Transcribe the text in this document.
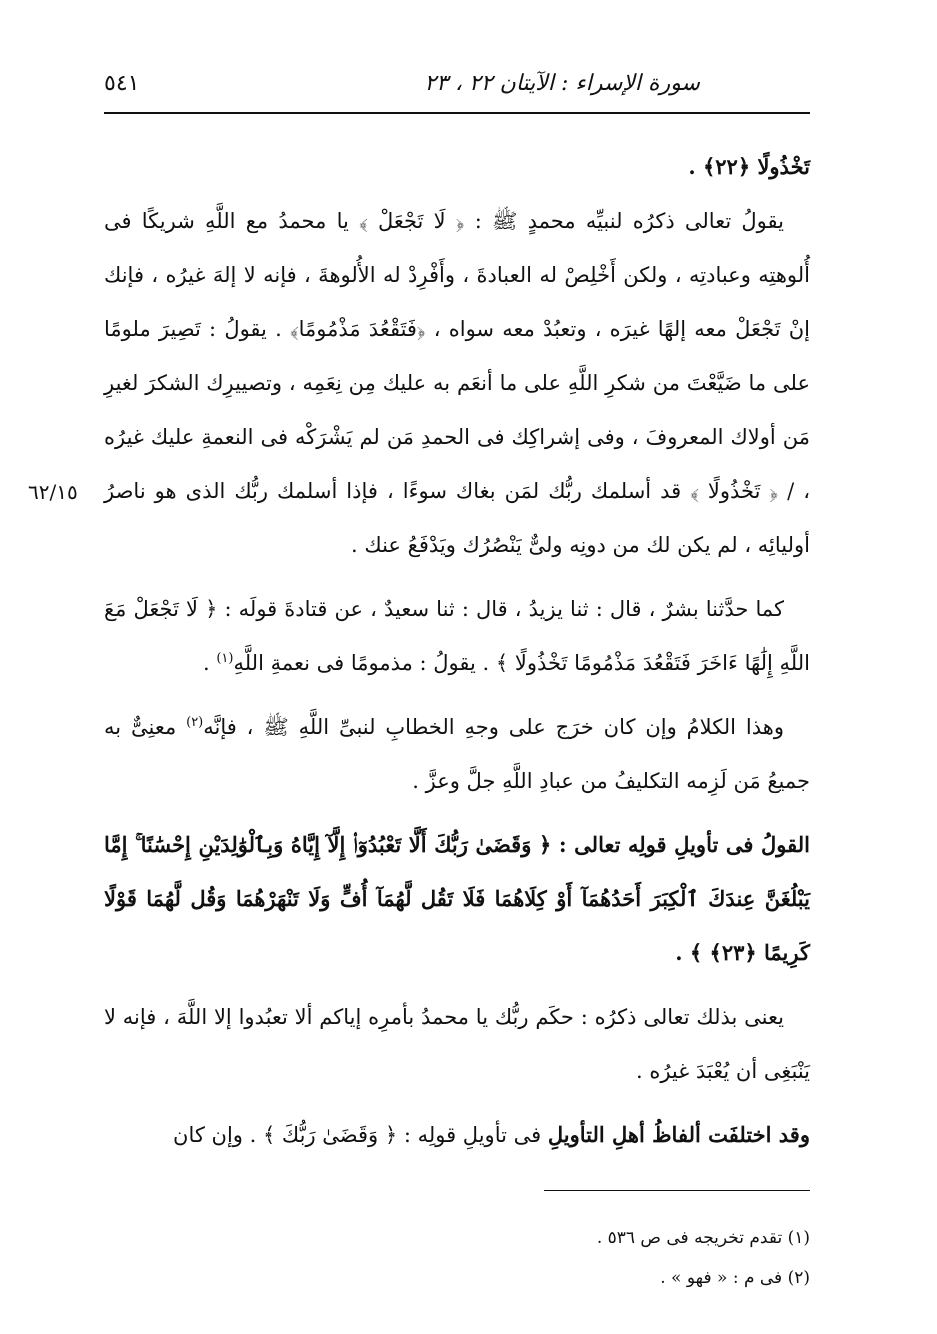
سورة الإسراء : الآيتان ٢٢ ، ٢٣
٥٤١
٦٢/١٥

تَخْذُولًا ﴿٢٢﴾ .

يقولُ تعالى ذكرُه لنبيِّه محمدٍ ﷺ : ﴿ لَا تَجْعَلْ ﴾ يا محمدُ مع اللَّهِ شريكًا فى أُلوهتِه وعبادتِه ، ولكن أَخْلِصْ له العبادةَ ، وأَفْرِدْ له الأُلوهةَ ، فإنه لا إلهَ غيرُه ، فإنك إنْ تَجْعَلْ معه إلهًا غيرَه ، وتعبُدْ معه سواه ، ﴿فَتَقْعُدَ مَذْمُومًا﴾ . يقولُ : تَصِيرَ ملومًا على ما ضَيَّعْتَ من شكرِ اللَّهِ على ما أنعَم به عليك مِن نِعَمِه ، وتصييرِك الشكرَ لغيرِ مَن أولاك المعروفَ ، وفى إشراكِك فى الحمدِ مَن لم يَشْرَكْه فى النعمةِ عليك غيرُه ، / ﴿ تَخْذُولًا ﴾ قد أسلمك ربُّك لمَن بغاك سوءًا ، فإذا أسلمك ربُّك الذى هو ناصرُ أوليائِه ، لم يكن لك من دونِه ولىٌّ يَنْصُرُك ويَدْفَعُ عنك .

كما حدَّثنا بشرٌ ، قال : ثنا يزيدُ ، قال : ثنا سعيدٌ ، عن قتادةَ قولَه : ﴿ لَا تَجْعَلْ مَعَ اللَّهِ إِلَٰهًا ءَاخَرَ فَتَقْعُدَ مَذْمُومًا تَخْذُولًا ﴾ . يقولُ : مذمومًا فى نعمةِ اللَّهِ$^{(١)}$ .

وهذا الكلامُ وإن كان خرَج على وجهِ الخطابِ لنبىِّ اللَّهِ ﷺ ، فإنَّه$^{(٢)}$ معنِىٌّ به جميعُ مَن لَزِمه التكليفُ من عبادِ اللَّهِ جلَّ وعزَّ .

القولُ فى تأويلِ قولِه تعالى : ﴿ وَقَضَىٰ رَبُّكَ أَلَّا تَعْبُدُوٓا۟ إِلَّآ إِيَّاهُ وَبِٱلْوَٰلِدَيْنِ إِحْسَٰنًا ۚ إِمَّا يَبْلُغَنَّ عِندَكَ ٱلْكِبَرَ أَحَدُهُمَآ أَوْ كِلَاهُمَا فَلَا تَقُل لَّهُمَآ أُفٍّ وَلَا تَنْهَرْهُمَا وَقُل لَّهُمَا قَوْلًا كَرِيمًا ﴿٢٣﴾ ﴾ .

يعنى بذلك تعالى ذكرُه : حكَم ربُّك يا محمدُ بأمرِه إياكم ألا تعبُدوا إلا اللَّهَ ، فإنه لا يَنْبَغِى أن يُعْبَدَ غيرُه .

وقد اختلفَت ألفاظُ أهلِ التأويلِ فى تأويلِ قولِه : ﴿ وَقَضَىٰ رَبُّكَ ﴾ . وإن كان

(١) تقدم تخريجه فى ص ٥٣٦ .
(٢) فى م : « فهو » .
